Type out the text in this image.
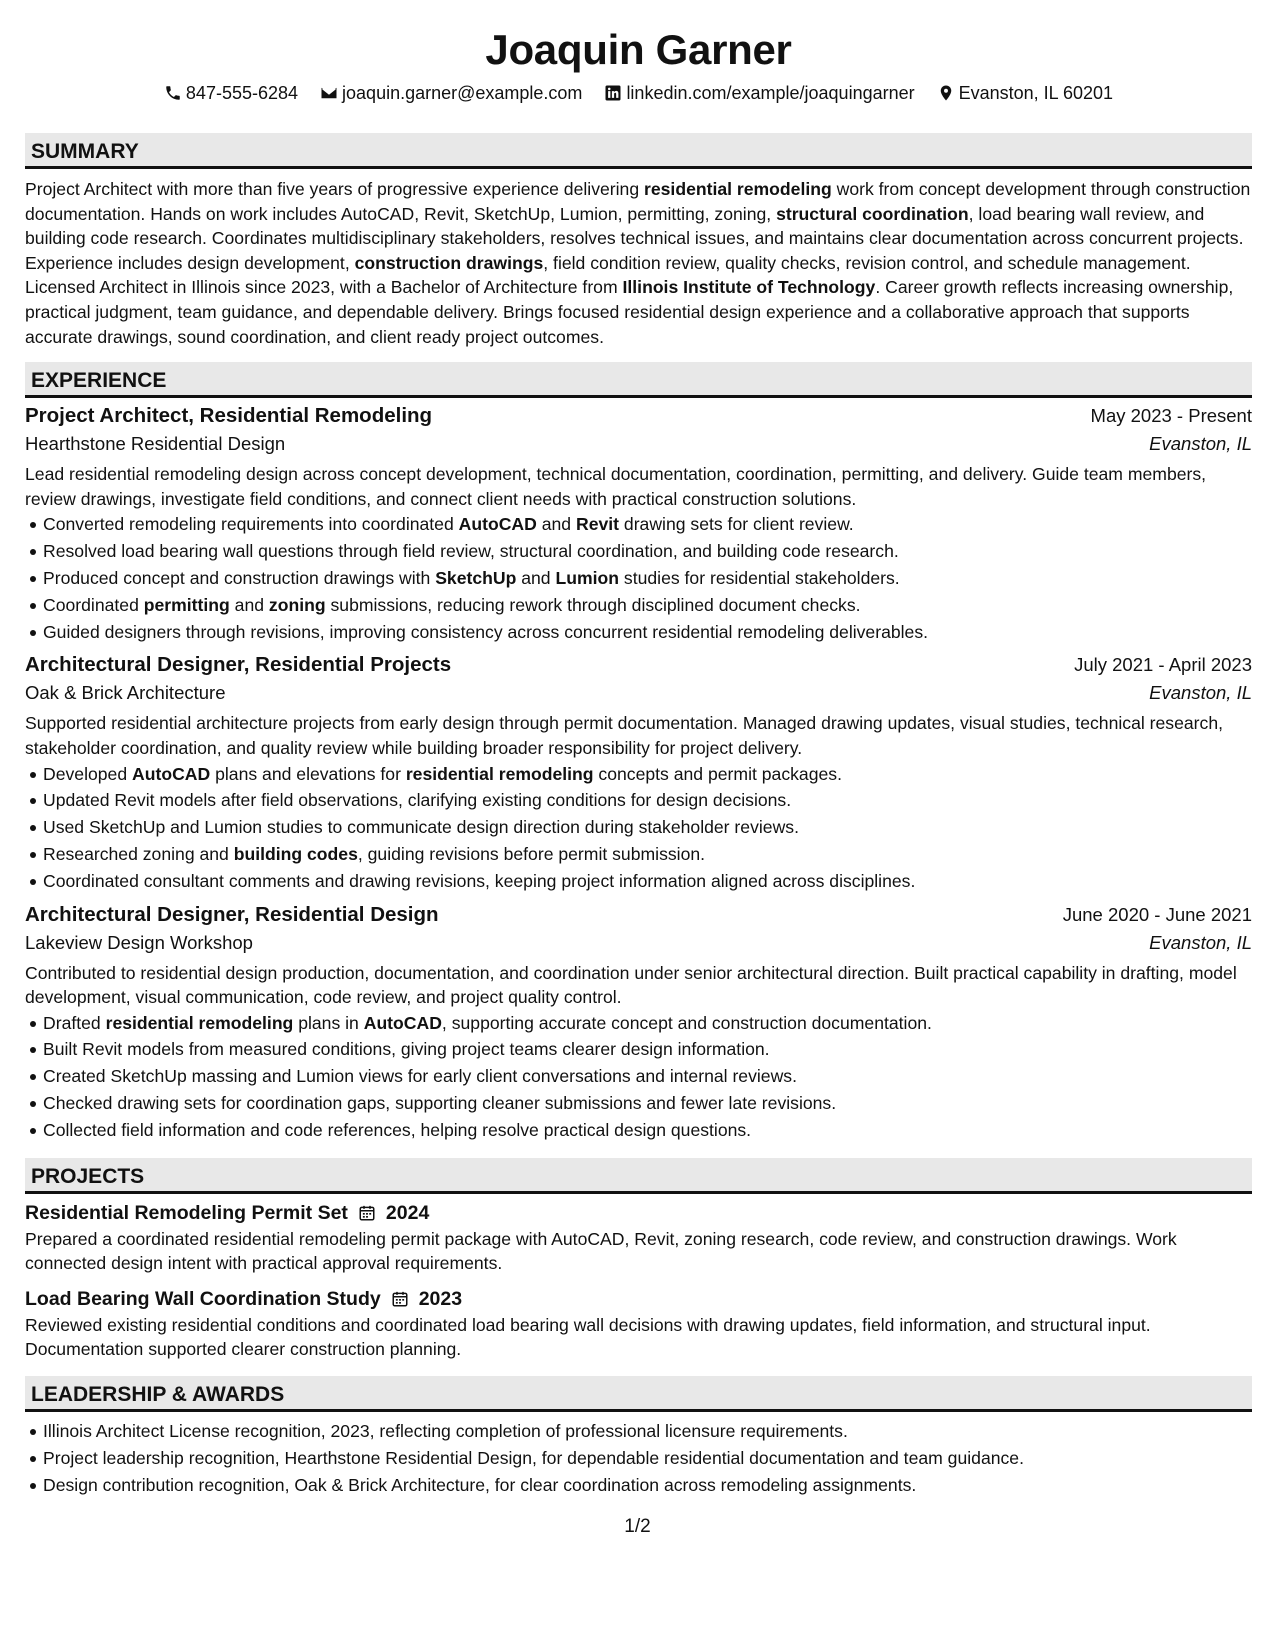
Joaquin Garner
847-555-6284 joaquin.garner@example.com linkedin.com/example/joaquingarner Evanston, IL 60201
SUMMARY
Project Architect with more than five years of progressive experience delivering residential remodeling work from concept development through construction documentation. Hands on work includes AutoCAD, Revit, SketchUp, Lumion, permitting, zoning, structural coordination, load bearing wall review, and building code research. Coordinates multidisciplinary stakeholders, resolves technical issues, and maintains clear documentation across concurrent projects. Experience includes design development, construction drawings, field condition review, quality checks, revision control, and schedule management. Licensed Architect in Illinois since 2023, with a Bachelor of Architecture from Illinois Institute of Technology. Career growth reflects increasing ownership, practical judgment, team guidance, and dependable delivery. Brings focused residential design experience and a collaborative approach that supports accurate drawings, sound coordination, and client ready project outcomes.
EXPERIENCE
Project Architect, Residential Remodeling	May 2023 - Present
Hearthstone Residential Design	Evanston, IL
Lead residential remodeling design across concept development, technical documentation, coordination, permitting, and delivery. Guide team members, review drawings, investigate field conditions, and connect client needs with practical construction solutions.
Converted remodeling requirements into coordinated AutoCAD and Revit drawing sets for client review.
Resolved load bearing wall questions through field review, structural coordination, and building code research.
Produced concept and construction drawings with SketchUp and Lumion studies for residential stakeholders.
Coordinated permitting and zoning submissions, reducing rework through disciplined document checks.
Guided designers through revisions, improving consistency across concurrent residential remodeling deliverables.
Architectural Designer, Residential Projects	July 2021 - April 2023
Oak & Brick Architecture	Evanston, IL
Supported residential architecture projects from early design through permit documentation. Managed drawing updates, visual studies, technical research, stakeholder coordination, and quality review while building broader responsibility for project delivery.
Developed AutoCAD plans and elevations for residential remodeling concepts and permit packages.
Updated Revit models after field observations, clarifying existing conditions for design decisions.
Used SketchUp and Lumion studies to communicate design direction during stakeholder reviews.
Researched zoning and building codes, guiding revisions before permit submission.
Coordinated consultant comments and drawing revisions, keeping project information aligned across disciplines.
Architectural Designer, Residential Design	June 2020 - June 2021
Lakeview Design Workshop	Evanston, IL
Contributed to residential design production, documentation, and coordination under senior architectural direction. Built practical capability in drafting, model development, visual communication, code review, and project quality control.
Drafted residential remodeling plans in AutoCAD, supporting accurate concept and construction documentation.
Built Revit models from measured conditions, giving project teams clearer design information.
Created SketchUp massing and Lumion views for early client conversations and internal reviews.
Checked drawing sets for coordination gaps, supporting cleaner submissions and fewer late revisions.
Collected field information and code references, helping resolve practical design questions.
PROJECTS
Residential Remodeling Permit Set 2024
Prepared a coordinated residential remodeling permit package with AutoCAD, Revit, zoning research, code review, and construction drawings. Work connected design intent with practical approval requirements.
Load Bearing Wall Coordination Study 2023
Reviewed existing residential conditions and coordinated load bearing wall decisions with drawing updates, field information, and structural input. Documentation supported clearer construction planning.
LEADERSHIP & AWARDS
Illinois Architect License recognition, 2023, reflecting completion of professional licensure requirements.
Project leadership recognition, Hearthstone Residential Design, for dependable residential documentation and team guidance.
Design contribution recognition, Oak & Brick Architecture, for clear coordination across remodeling assignments.
1/2
